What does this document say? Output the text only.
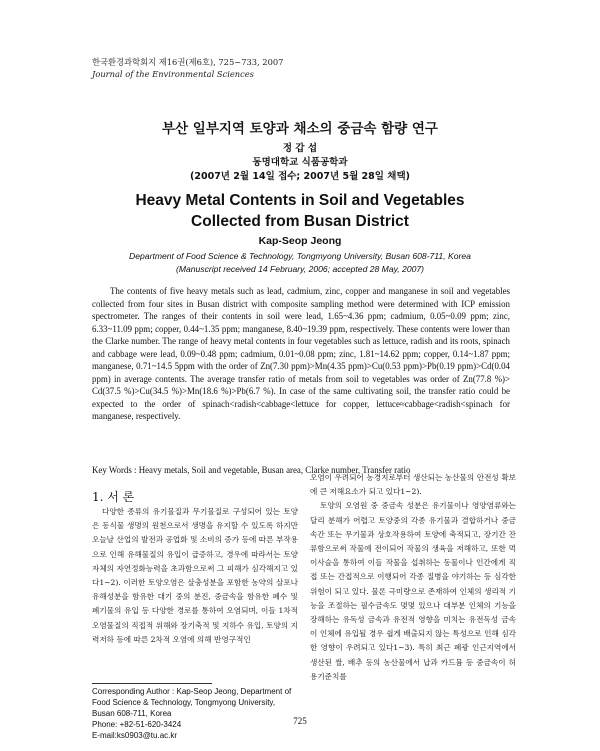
한국환경과학회지 제16권(제6호), 725~733, 2007
Journal of the Environmental Sciences
부산 일부지역 토양과 채소의 중금속 함량 연구
정 갑 섭
동명대학교 식품공학과
(2007년 2월 14일 접수; 2007년 5월 28일 채택)
Heavy Metal Contents in Soil and Vegetables
Collected from Busan District
Kap-Seop Jeong
Department of Food Science & Technology, Tongmyong University, Busan 608-711, Korea
(Manuscript received 14 February, 2006; accepted 28 May, 2007)

The contents of five heavy metals such as lead, cadmium, zinc, copper and manganese in soil and vegetables collected from four sites in Busan district with composite sampling method were determined with ICP emission spectrometer. The ranges of their contents in soil were lead, 1.65~4.36 ppm; cadmium, 0.05~0.09 ppm; zinc, 6.33~11.09 ppm; copper, 0.44~1.35 ppm; manganese, 8.40~19.39 ppm, respectively. These contents were lower than the Clarke number. The range of heavy metal contents in four vegetables such as lettuce, radish and its roots, spinach and cabbage were lead, 0.09~0.48 ppm; cadmium, 0.01~0.08 ppm; zinc, 1.81~14.62 ppm; copper, 0.14~1.87 ppm; manganese, 0.71~14.5 5ppm with the order of Zn(7.30 ppm)>Mn(4.35 ppm)>Cu(0.53 ppm)>Pb(0.19 ppm)>Cd(0.04 ppm) in average contents. The average transfer ratio of metals from soil to vegetables was order of Zn(77.8 %)> Cd(37.5 %)>Cu(34.5 %)>Mn(18.6 %)>Pb(6.7 %). In case of the same cultivating soil, the transfer ratio could be expected to the order of spinach<radish<cabbage<lettuce for copper, lettuce≈cabbage<radish<spinach for manganese, respectively.

Key Words : Heavy metals, Soil and vegetable, Busan area, Clarke number, Transfer ratio
1. 서 론

다양한 종류의 유기물질과 무기물질로 구성되어 있는 토양은 동식물 생명의 원천으로서 생명을 유지할 수 있도록 하지만 오늘날 산업의 발전과 공업화 및 소비의 증가 등에 따른 부작용으로 인해 유해물질의 유입이 급증하고, 경우에 따라서는 토양자체의 자연정화능력을 초과함으로써 그 피해가 심각해지고 있다1~2). 이러한 토양오염은 살충성분을 포함한 농약의 살포나 유해성분을 함유한 대기 중의 분진, 중금속을 함유한 폐수 및 폐기물의 유입 등 다양한 경로를 통하여 오염되며, 이들 1차적 오염물질의 직접적 위해와 장기축적 및 지하수 유입, 토양의 지력저하 등에 따른 2차적 오염에 의해 반영구적인

오염이 우려되어 농경지로부터 생산되는 농산물의 안전성 확보에 큰 저해요소가 되고 있다1~2).

토양의 오염원 중 중금속 성분은 유기물이나 영양염류와는 달리 분해가 어렵고 토양중의 각종 유기물과 결합하거나 중금속간 또는 무기물과 상호작용하여 토양에 축적되고, 장기간 잔류함으로써 작물에 전이되어 작물의 생육을 저해하고, 또한 먹이사슬을 통하여 이들 작물을 섭취하는 동물이나 인간에게 직접 또는 간접적으로 이행되어 각종 질병을 야기하는 등 심각한 위험이 되고 있다. 물론 극미량으로 존재하여 인체의 생리적 기능을 조절하는 필수금속도 몇몇 있으나 대부분 인체의 기능을 장해하는 유독성 금속과 유전적 영향을 미치는 유전독성 금속이 인체에 유입될 경우 쉽게 배출되지 않는 특성으로 인해 심각한 영향이 우려되고 있다1~3). 특히 최근 폐광 인근지역에서 생산된 쌀, 배추 등의 농산물에서 납과 카드뮴 등 중금속이 허용기준치를

Corresponding Author : Kap-Seop Jeong, Department of Food Science & Technology, Tongmyong University, Busan 608-711, Korea
Phone: +82-51-620-3424
E-mail:ks0903@tu.ac.kr
725
